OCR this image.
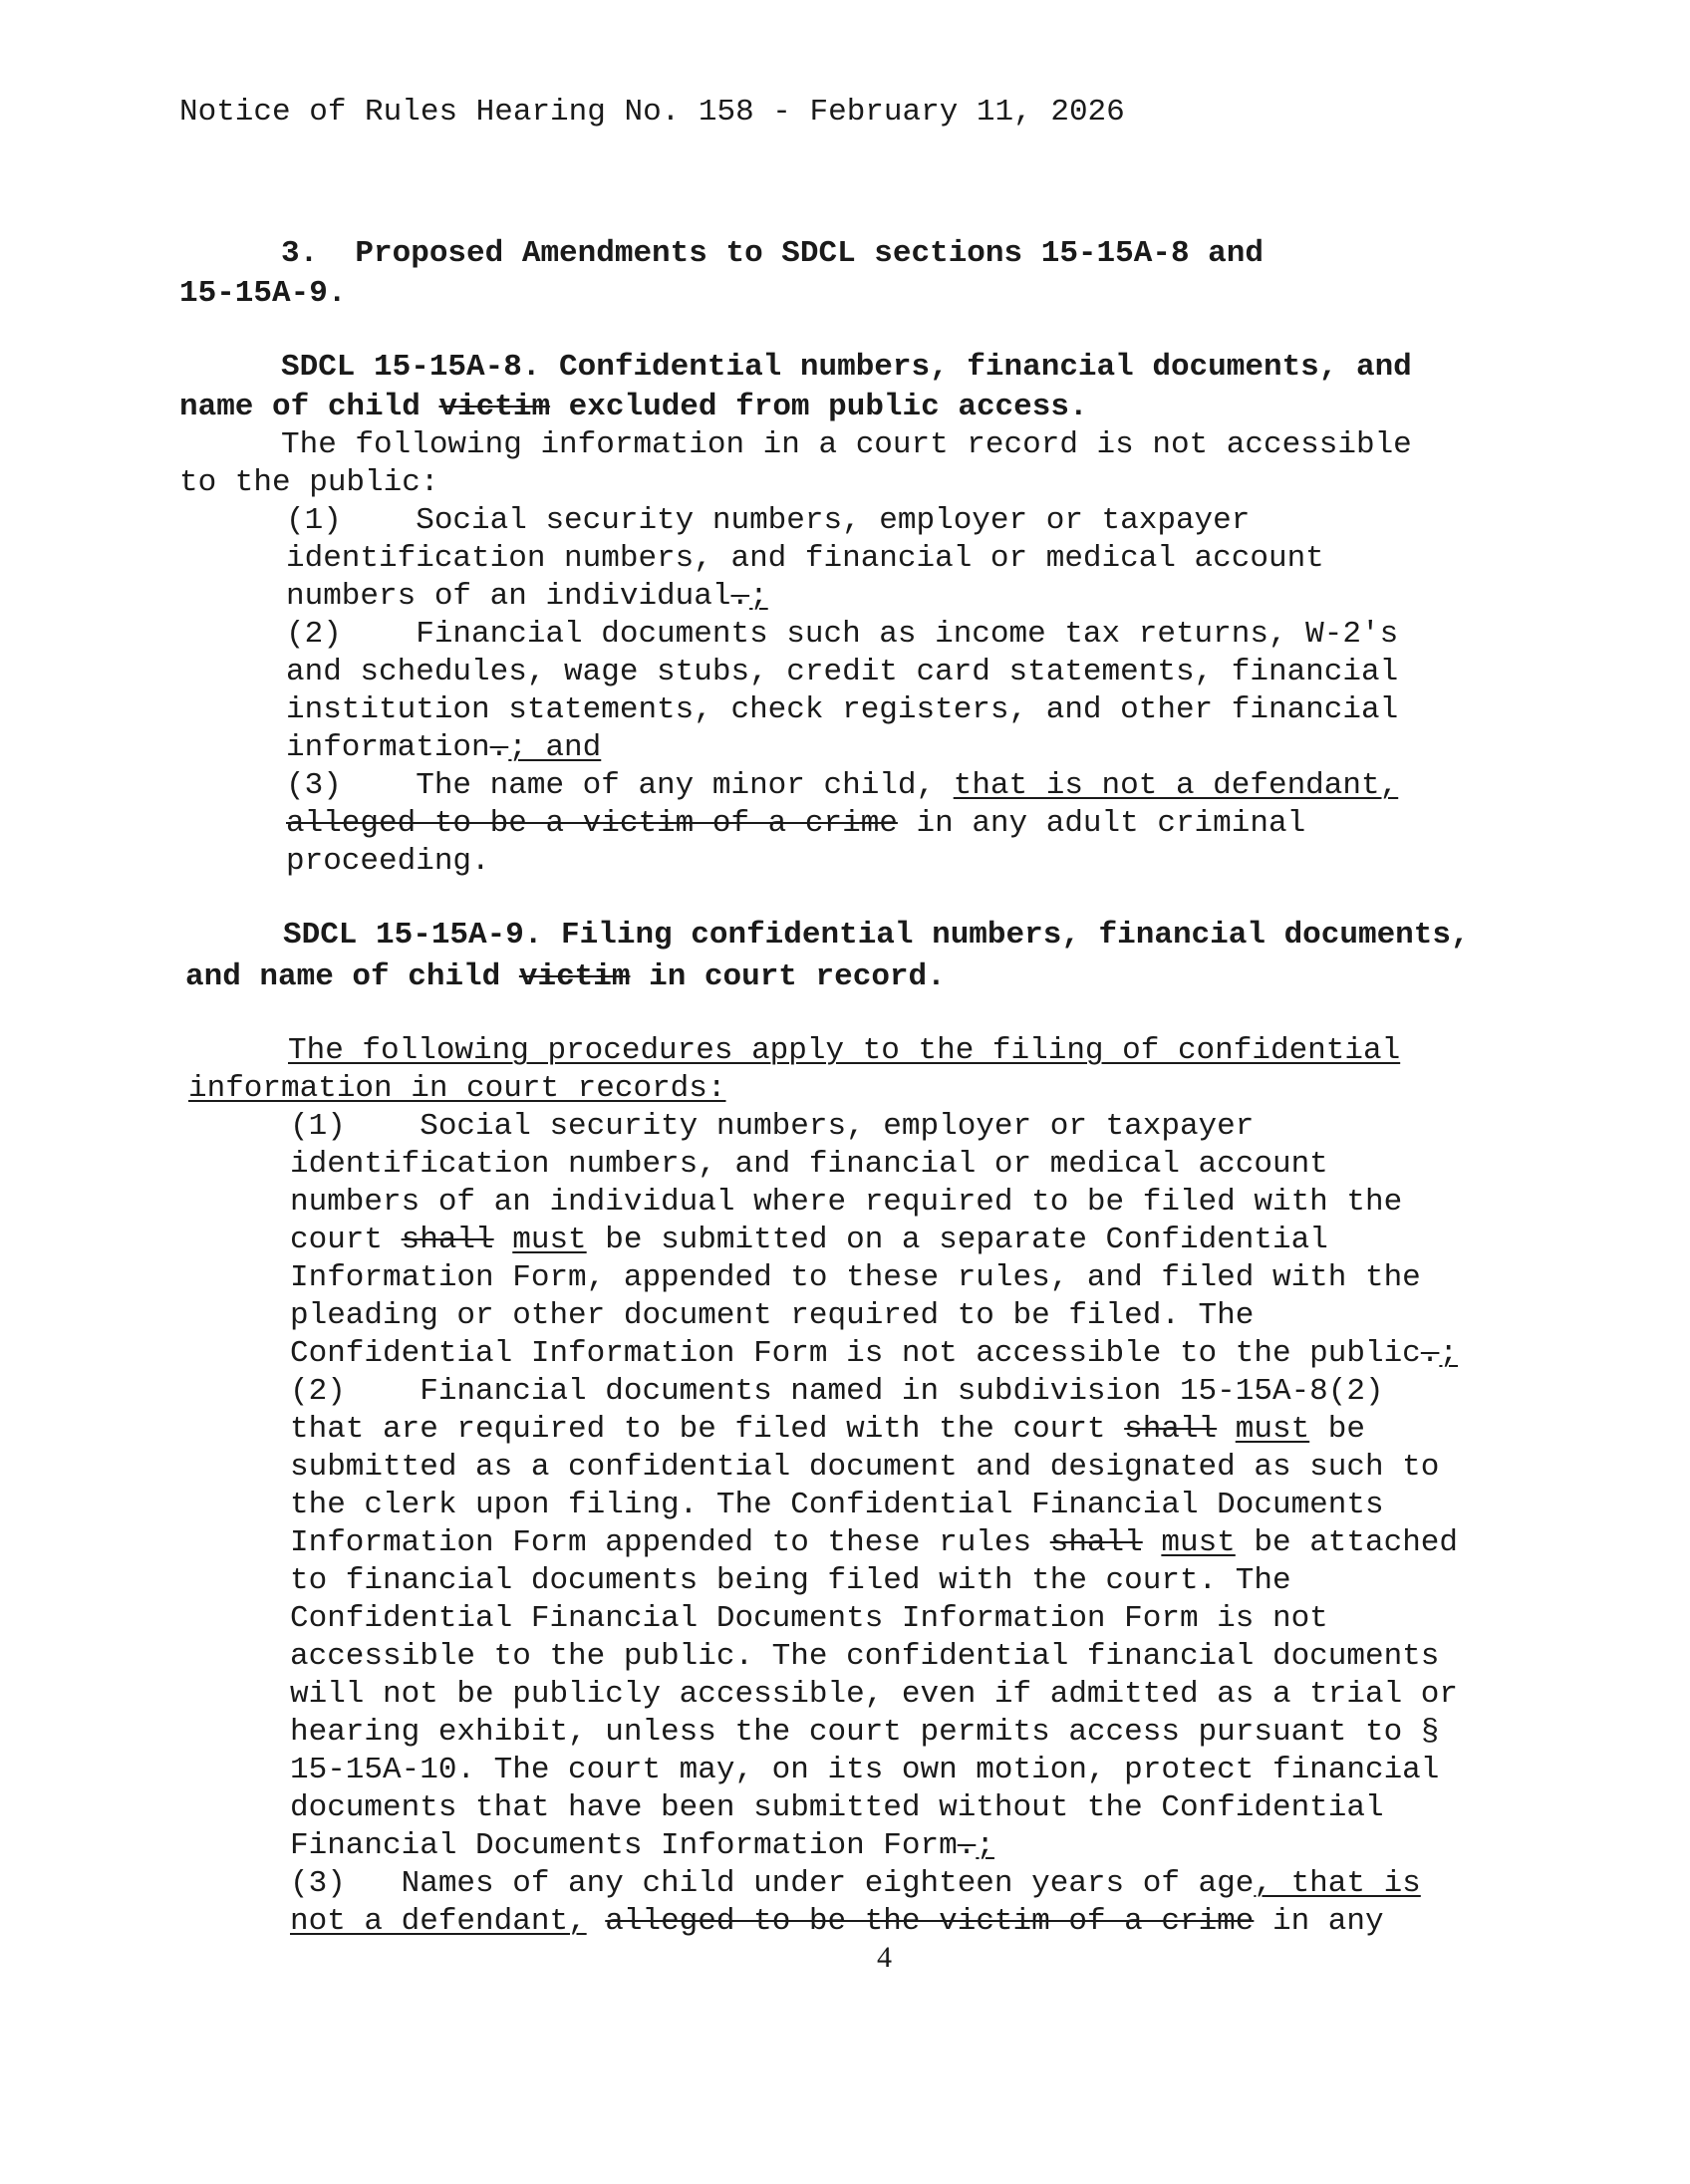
Notice of Rules Hearing No. 158 - February 11, 2026
3.  Proposed Amendments to SDCL sections 15-15A-8 and
15-15A-9.
SDCL 15-15A-8. Confidential numbers, financial documents, and
name of child victim excluded from public access.
The following information in a court record is not accessible
to the public:
(1)    Social security numbers, employer or taxpayer
identification numbers, and financial or medical account
numbers of an individual.;
(2)    Financial documents such as income tax returns, W-2's
and schedules, wage stubs, credit card statements, financial
institution statements, check registers, and other financial
information.; and
(3)    The name of any minor child, that is not a defendant,
alleged to be a victim of a crime in any adult criminal
proceeding.
SDCL 15-15A-9. Filing confidential numbers, financial documents,
and name of child victim in court record.
The following procedures apply to the filing of confidential
information in court records:
(1)    Social security numbers, employer or taxpayer
identification numbers, and financial or medical account
numbers of an individual where required to be filed with the
court shall must be submitted on a separate Confidential
Information Form, appended to these rules, and filed with the
pleading or other document required to be filed. The
Confidential Information Form is not accessible to the public.;
(2)    Financial documents named in subdivision 15-15A-8(2)
that are required to be filed with the court shall must be
submitted as a confidential document and designated as such to
the clerk upon filing. The Confidential Financial Documents
Information Form appended to these rules shall must be attached
to financial documents being filed with the court. The
Confidential Financial Documents Information Form is not
accessible to the public. The confidential financial documents
will not be publicly accessible, even if admitted as a trial or
hearing exhibit, unless the court permits access pursuant to §
15-15A-10. The court may, on its own motion, protect financial
documents that have been submitted without the Confidential
Financial Documents Information Form.;
(3)   Names of any child under eighteen years of age, that is
not a defendant, alleged to be the victim of a crime in any
4
